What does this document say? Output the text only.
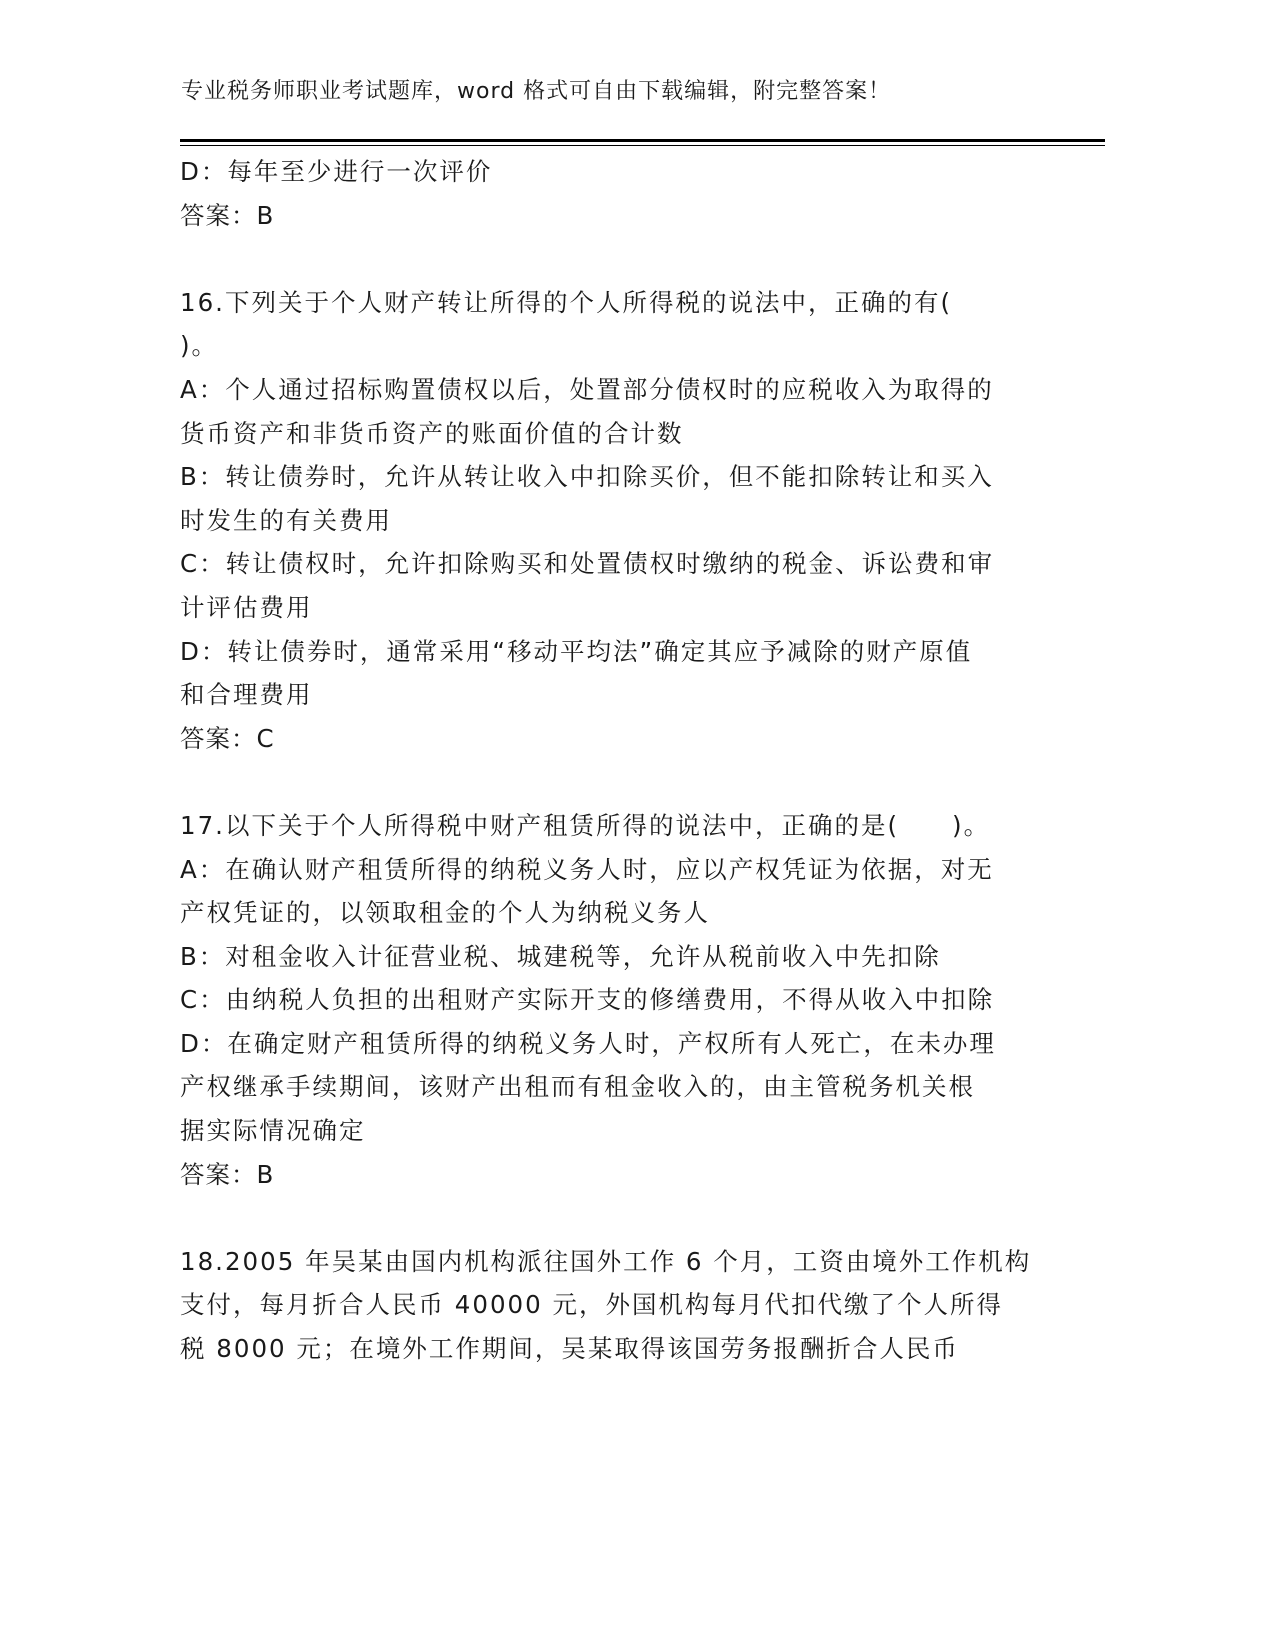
专业税务师职业考试题库，word 格式可自由下载编辑，附完整答案！
D：每年至少进行一次评价
答案：B
16.下列关于个人财产转让所得的个人所得税的说法中，正确的有(
)。
A：个人通过招标购置债权以后，处置部分债权时的应税收入为取得的
货币资产和非货币资产的账面价值的合计数
B：转让债券时，允许从转让收入中扣除买价，但不能扣除转让和买入
时发生的有关费用
C：转让债权时，允许扣除购买和处置债权时缴纳的税金、诉讼费和审
计评估费用
D：转让债券时，通常采用“移动平均法”确定其应予减除的财产原值
和合理费用
答案：C
17.以下关于个人所得税中财产租赁所得的说法中，正确的是(　　)。
A：在确认财产租赁所得的纳税义务人时，应以产权凭证为依据，对无
产权凭证的，以领取租金的个人为纳税义务人
B：对租金收入计征营业税、城建税等，允许从税前收入中先扣除
C：由纳税人负担的出租财产实际开支的修缮费用，不得从收入中扣除
D：在确定财产租赁所得的纳税义务人时，产权所有人死亡，在未办理
产权继承手续期间，该财产出租而有租金收入的，由主管税务机关根
据实际情况确定
答案：B
18.2005 年吴某由国内机构派往国外工作 6 个月，工资由境外工作机构
支付，每月折合人民币 40000 元，外国机构每月代扣代缴了个人所得
税 8000 元；在境外工作期间，吴某取得该国劳务报酬折合人民币
